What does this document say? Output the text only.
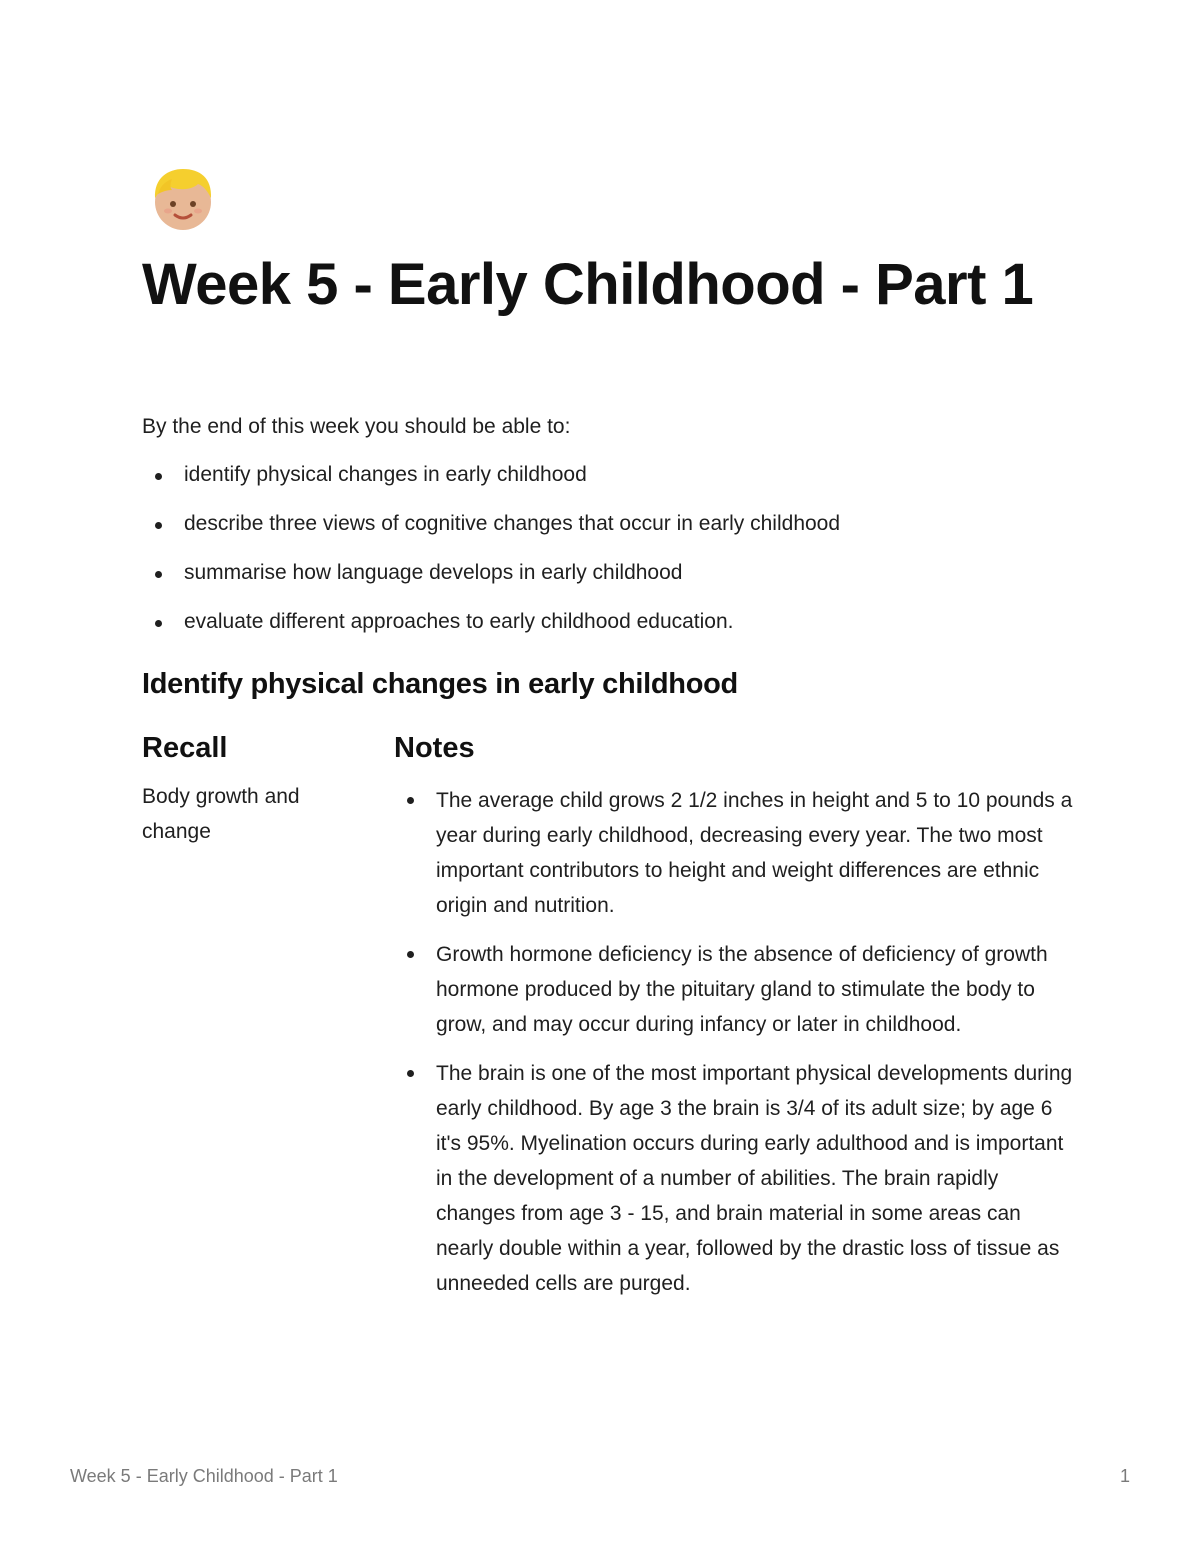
Week 5 - Early Childhood - Part 1

By the end of this week you should be able to:

identify physical changes in early childhood
describe three views of cognitive changes that occur in early childhood
summarise how language develops in early childhood
evaluate different approaches to early childhood education.
Identify physical changes in early childhood
Recall	Notes

Body growth and change

The average child grows 2 1/2 inches in height and 5 to 10 pounds a year during early childhood, decreasing every year. The two most important contributors to height and weight differences are ethnic origin and nutrition.
Growth hormone deficiency is the absence of deficiency of growth hormone produced by the pituitary gland to stimulate the body to grow, and may occur during infancy or later in childhood.
The brain is one of the most important physical developments during early childhood. By age 3 the brain is 3/4 of its adult size; by age 6 it's 95%. Myelination occurs during early adulthood and is important in the development of a number of abilities. The brain rapidly changes from age 3 - 15, and brain material in some areas can nearly double within a year, followed by the drastic loss of tissue as unneeded cells are purged.

Week 5 - Early Childhood - Part 1	1
